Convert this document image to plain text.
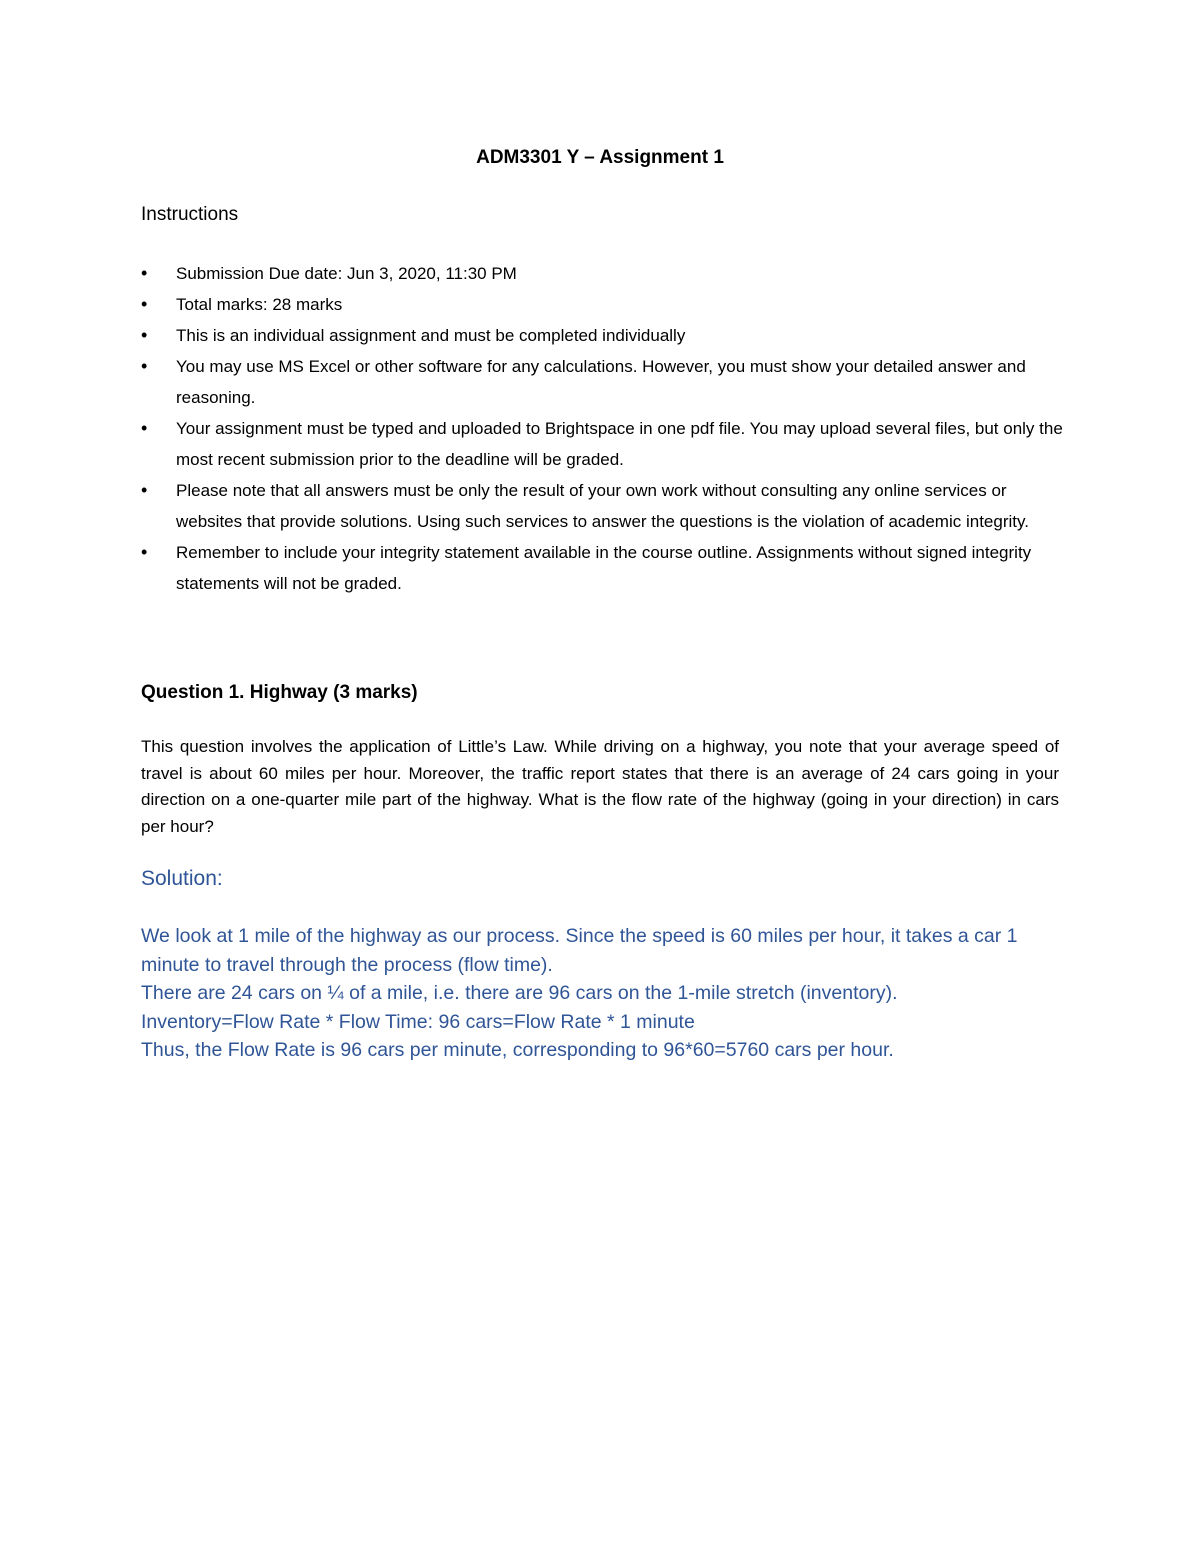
ADM3301 Y – Assignment 1
Instructions
• Submission Due date: Jun 3, 2020, 11:30 PM
• Total marks: 28 marks
• This is an individual assignment and must be completed individually
• You may use MS Excel or other software for any calculations. However, you must show your detailed answer and reasoning.
• Your assignment must be typed and uploaded to Brightspace in one pdf file. You may upload several files, but only the most recent submission prior to the deadline will be graded.
• Please note that all answers must be only the result of your own work without consulting any online services or websites that provide solutions. Using such services to answer the questions is the violation of academic integrity.
• Remember to include your integrity statement available in the course outline. Assignments without signed integrity statements will not be graded.
Question 1. Highway (3 marks)
This question involves the application of Little’s Law. While driving on a highway, you note that your average speed of travel is about 60 miles per hour. Moreover, the traffic report states that there is an average of 24 cars going in your direction on a one-quarter mile part of the highway. What is the flow rate of the highway (going in your direction) in cars per hour?
Solution:

We look at 1 mile of the highway as our process. Since the speed is 60 miles per hour, it takes a car 1 minute to travel through the process (flow time).

There are 24 cars on ¼ of a mile, i.e. there are 96 cars on the 1-mile stretch (inventory).

Inventory=Flow Rate * Flow Time: 96 cars=Flow Rate * 1 minute

Thus, the Flow Rate is 96 cars per minute, corresponding to 96*60=5760 cars per hour.
